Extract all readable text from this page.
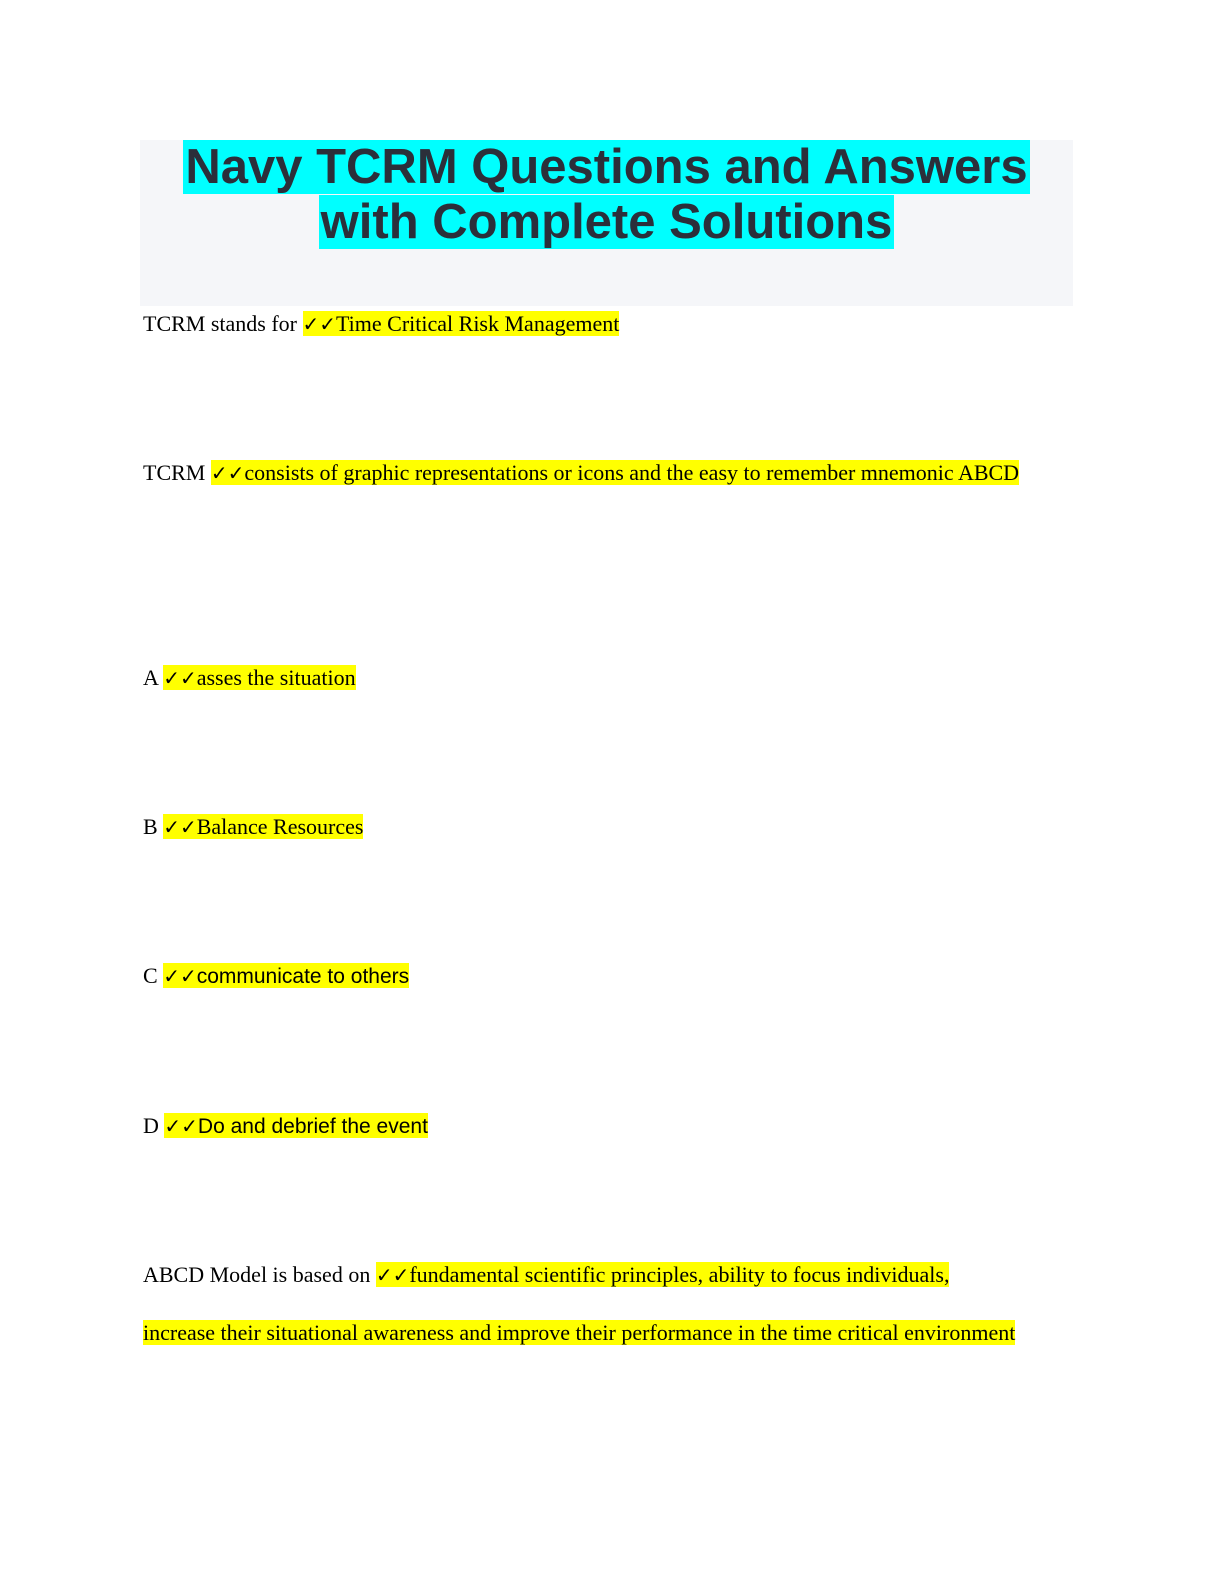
Navy TCRM Questions and Answers with Complete Solutions

TCRM stands for ✓✓Time Critical Risk Management

TCRM ✓✓consists of graphic representations or icons and the easy to remember mnemonic ABCD

A ✓✓asses the situation

B ✓✓Balance Resources

C ✓✓communicate to others

D ✓✓Do and debrief the event

ABCD Model is based on ✓✓fundamental scientific principles, ability to focus individuals, increase their situational awareness and improve their performance in the time critical environment
